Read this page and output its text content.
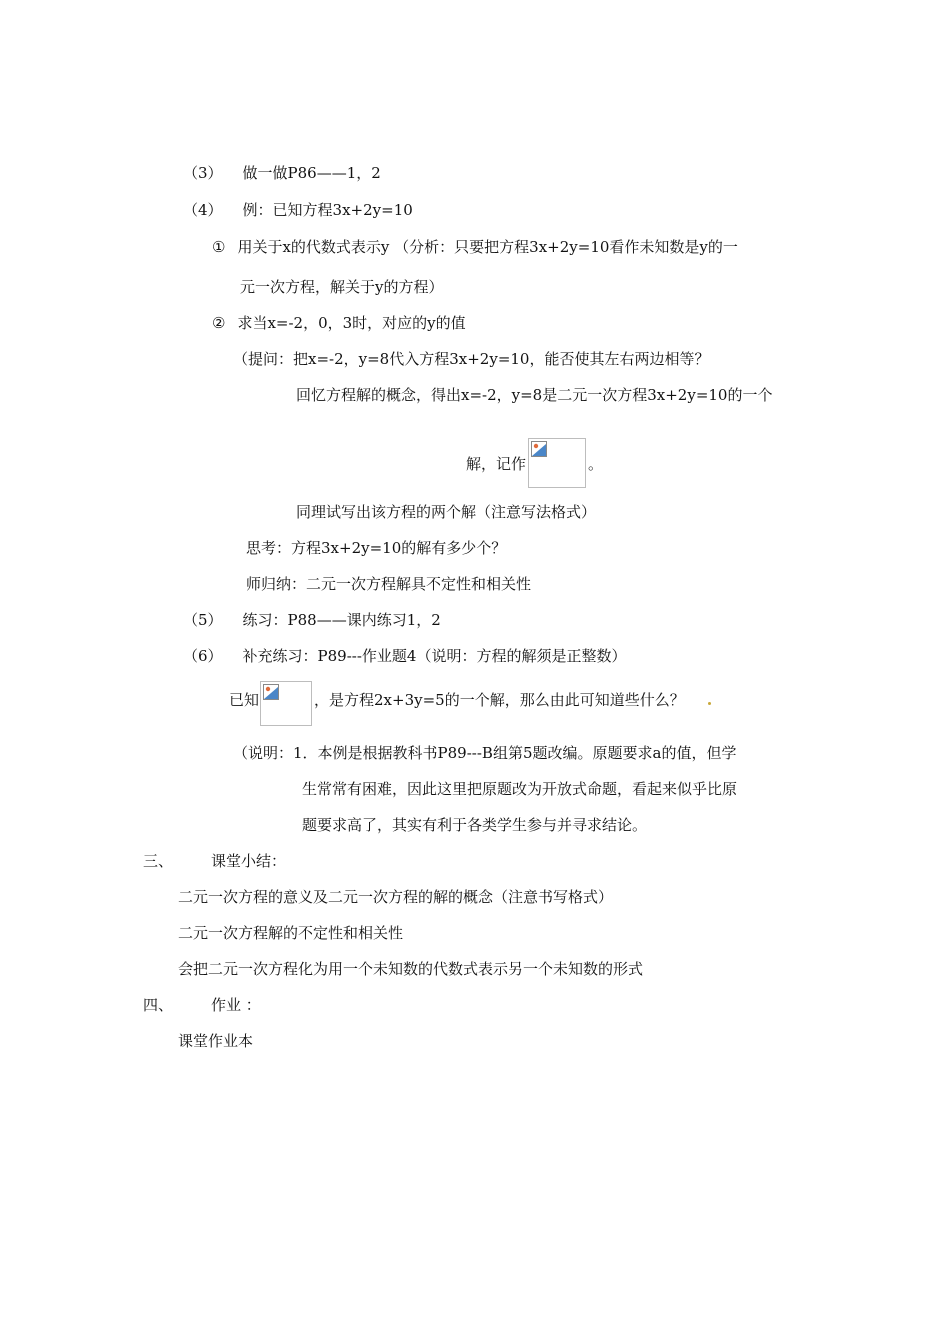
（3） 做一做P86——1，2
（4） 例：已知方程3x+2y=10
① 用关于x的代数式表示y （分析：只要把方程3x+2y=10看作未知数是y的一
元一次方程，解关于y的方程）
② 求当x=-2，0，3时，对应的y的值
（提问：把x=-2，y=8代入方程3x+2y=10，能否使其左右两边相等？
回忆方程解的概念，得出x=-2，y=8是二元一次方程3x+2y=10的一个
解，记作	。
同理试写出该方程的两个解（注意写法格式）
思考：方程3x+2y=10的解有多少个？
师归纳：二元一次方程解具不定性和相关性
（5） 练习：P88——课内练习1，2
（6） 补充练习：P89---作业题4（说明：方程的解须是正整数）
已知	，是方程2x+3y=5的一个解，那么由此可知道些什么？
（说明：1．本例是根据教科书P89---B组第5题改编。原题要求a的值，但学
生常常有困难，因此这里把原题改为开放式命题，看起来似乎比原
题要求高了，其实有利于各类学生参与并寻求结论。
三、	课堂小结：
二元一次方程的意义及二元一次方程的解的概念（注意书写格式）
二元一次方程解的不定性和相关性
会把二元一次方程化为用一个未知数的代数式表示另一个未知数的形式
四、	作业 ：
课堂作业本
